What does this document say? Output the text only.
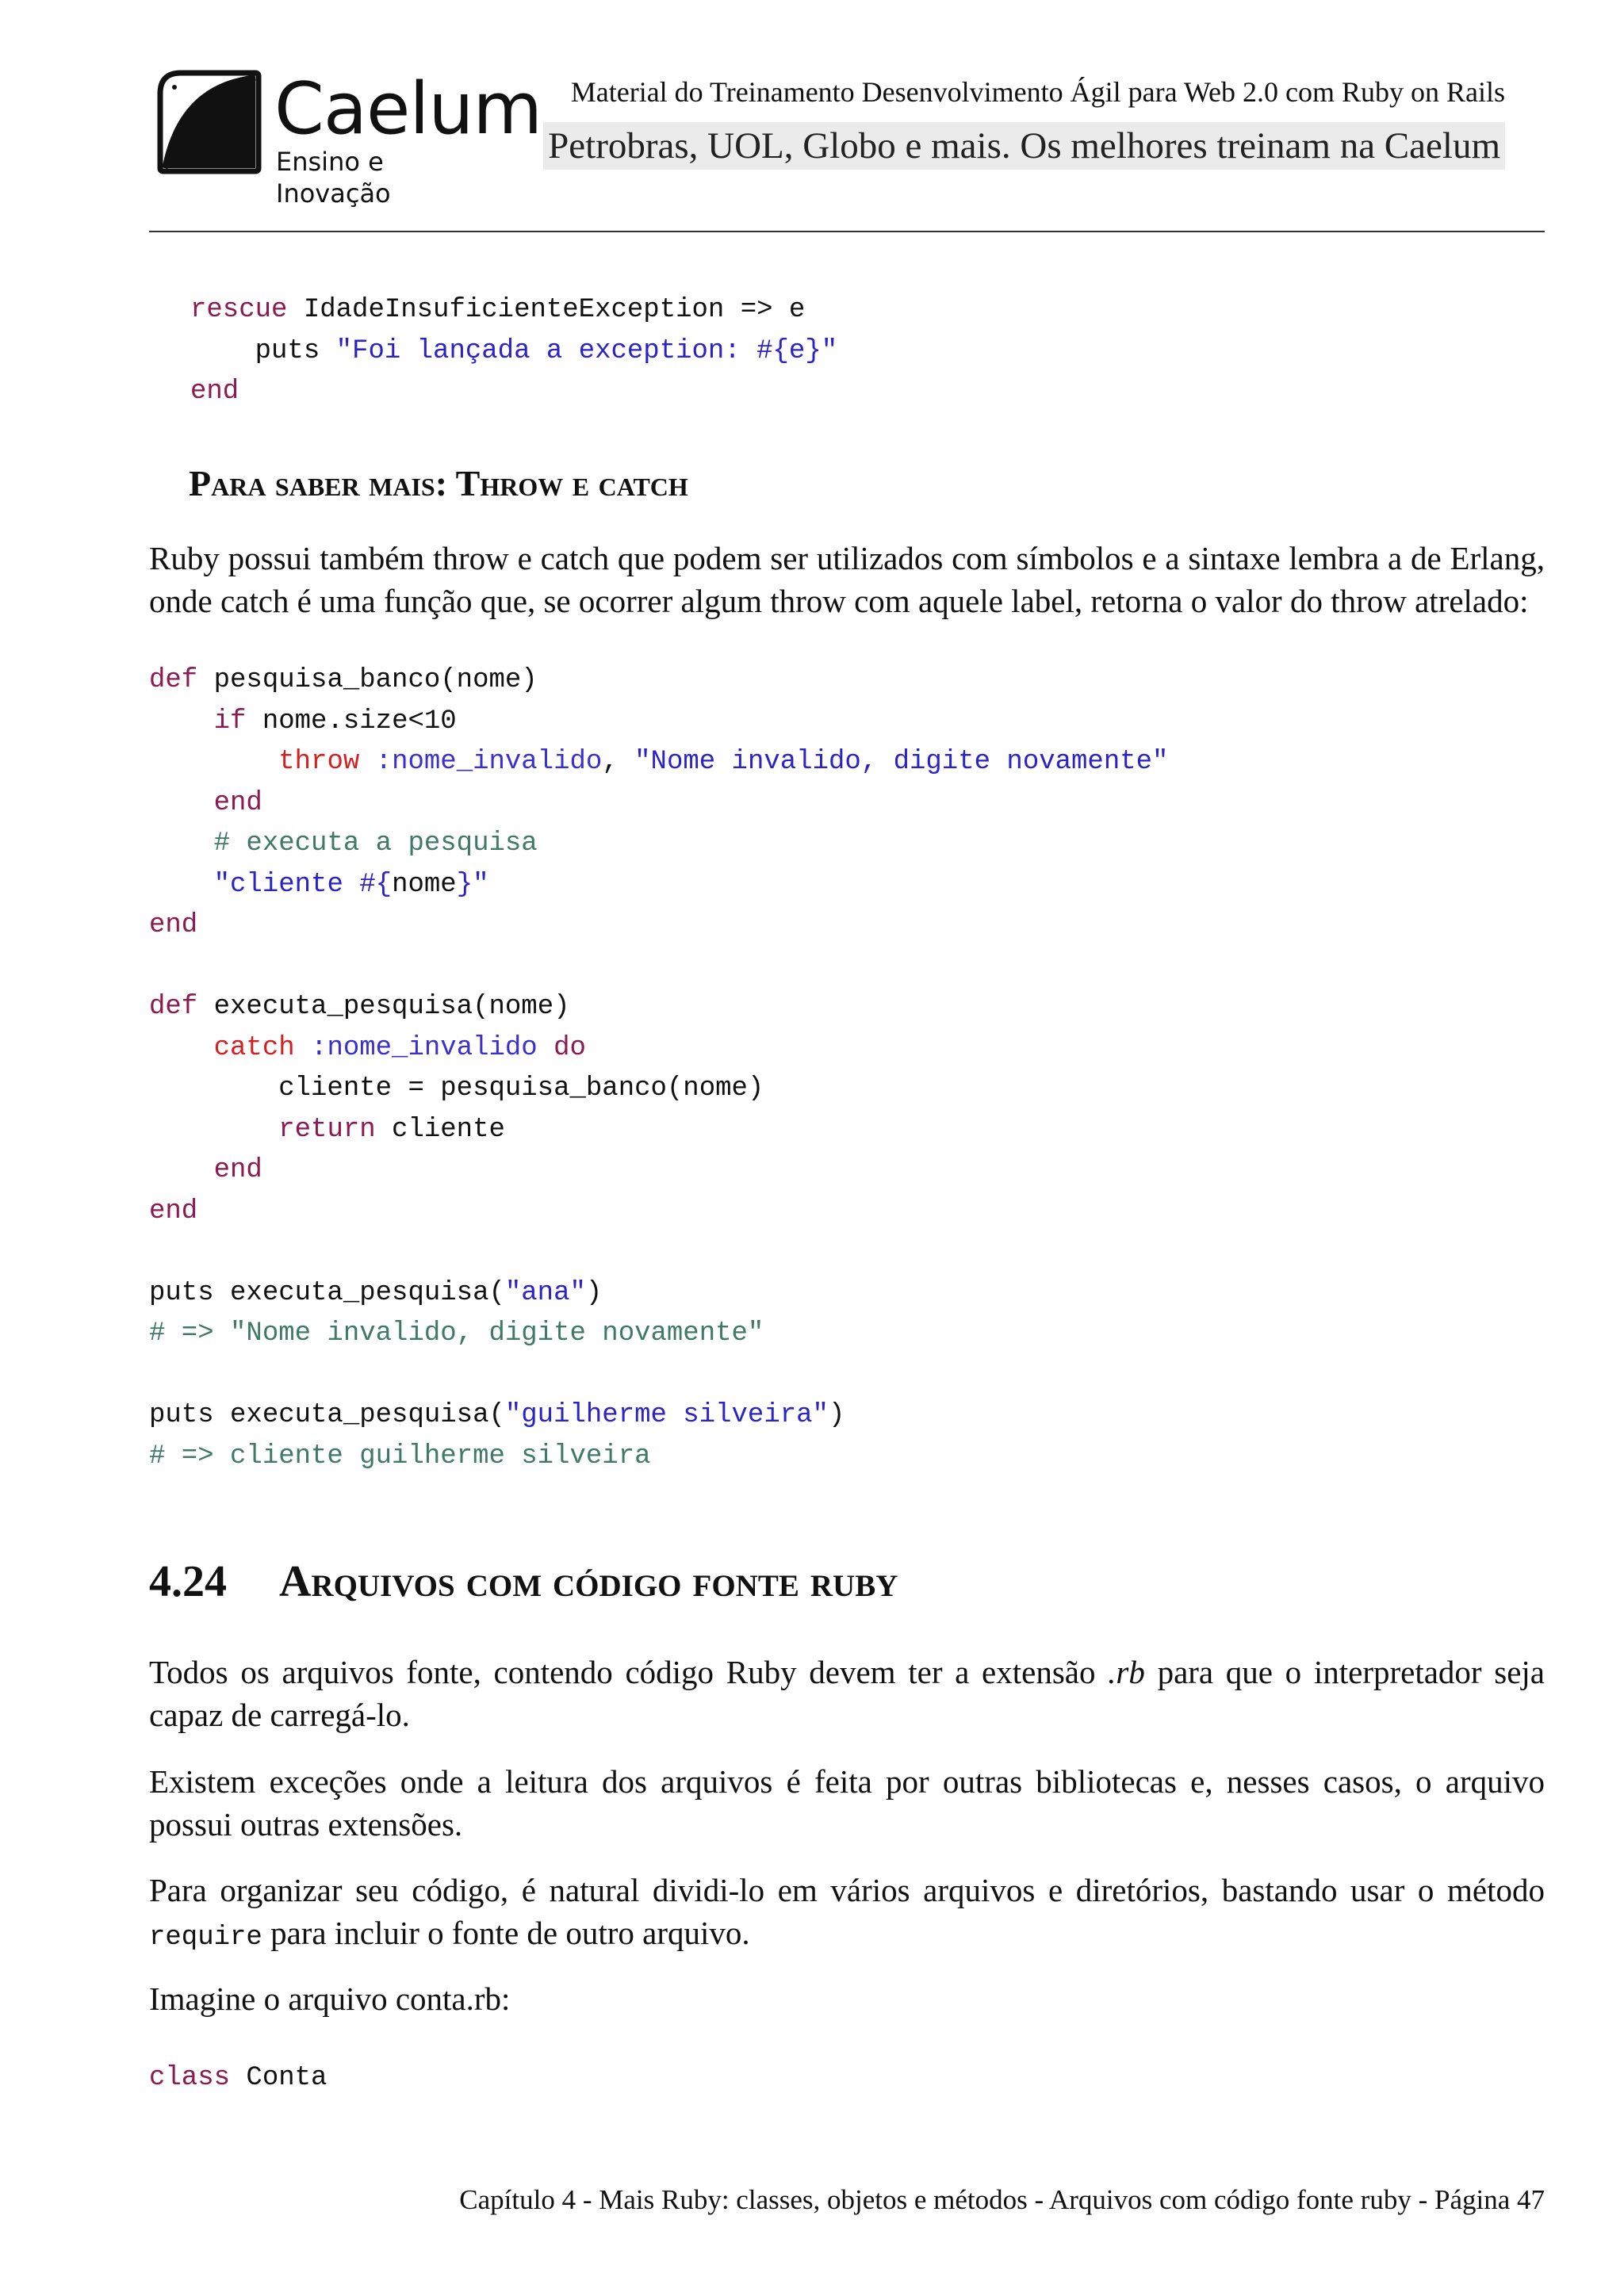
Caelum
Ensino e Inovação
Material do Treinamento Desenvolvimento Ágil para Web 2.0 com Ruby on Rails
Petrobras, UOL, Globo e mais. Os melhores treinam na Caelum
rescue IdadeInsuficienteException => e
puts "Foi lançada a exception: #{e}"
end
Para saber mais: Throw e catch

Ruby possui também throw e catch que podem ser utilizados com símbolos e a sintaxe lembra a de Erlang, onde catch é uma função que, se ocorrer algum throw com aquele label, retorna o valor do throw atrelado:

def pesquisa_banco(nome)
if nome.size<10
throw :nome_invalido, "Nome invalido, digite novamente"
end
# executa a pesquisa
"cliente #{nome}"
end

def executa_pesquisa(nome)
catch :nome_invalido do
cliente = pesquisa_banco(nome)
return cliente
end
end

puts executa_pesquisa("ana")
# => "Nome invalido, digite novamente"

puts executa_pesquisa("guilherme silveira")
# => cliente guilherme silveira
4.24 Arquivos com código fonte ruby

Todos os arquivos fonte, contendo código Ruby devem ter a extensão .rb para que o interpretador seja capaz de carregá-lo.

Existem exceções onde a leitura dos arquivos é feita por outras bibliotecas e, nesses casos, o arquivo possui outras extensões.

Para organizar seu código, é natural dividi-lo em vários arquivos e diretórios, bastando usar o método require para incluir o fonte de outro arquivo.

Imagine o arquivo conta.rb:

class Conta
Capítulo 4 - Mais Ruby: classes, objetos e métodos - Arquivos com código fonte ruby - Página 47
